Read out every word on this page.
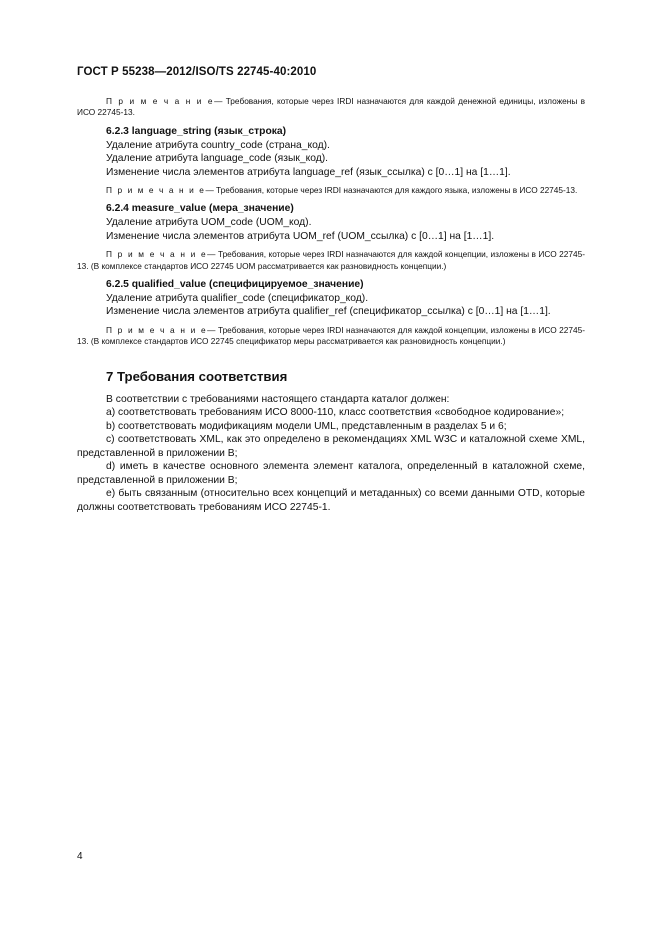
ГОСТ Р 55238—2012/ISO/TS 22745-40:2010

П р и м е ч а н и е— Требования, которые через IRDI назначаются для каждой денежной единицы, изложены в ИСО 22745-13.

6.2.3 language_string (язык_строка)
Удаление атрибута country_code (страна_код).
Удаление атрибута language_code (язык_код).
Изменение числа элементов атрибута language_ref (язык_ссылка) с [0…1] на [1…1].

П р и м е ч а н и е— Требования, которые через IRDI назначаются для каждого языка, изложены в ИСО 22745-13.

6.2.4 measure_value (мера_значение)
Удаление атрибута UOM_code (UOM_код).
Изменение числа элементов атрибута UOM_ref (UOM_ссылка) с [0…1] на [1…1].

П р и м е ч а н и е— Требования, которые через IRDI назначаются для каждой концепции, изложены в ИСО 22745-13. (В комплексе стандартов ИСО 22745 UOM рассматривается как разновидность концепции.)

6.2.5 qualified_value (специфицируемое_значение)
Удаление атрибута qualifier_code (спецификатор_код).
Изменение числа элементов атрибута qualifier_ref (спецификатор_ссылка) с [0…1] на [1…1].

П р и м е ч а н и е— Требования, которые через IRDI назначаются для каждой концепции, изложены в ИСО 22745-13. (В комплексе стандартов ИСО 22745 спецификатор меры рассматривается как разновидность концепции.)

7 Требования соответствия

В соответствии с требованиями настоящего стандарта каталог должен:

a) соответствовать требованиям ИСО 8000-110, класс соответствия «свободное кодирование»;

b) соответствовать модификациям модели UML, представленным в разделах 5 и 6;

c) соответствовать XML, как это определено в рекомендациях XML W3C и каталожной схеме XML, представленной в приложении B;

d) иметь в качестве основного элемента элемент каталога, определенный в каталожной схеме, представленной в приложении B;

e) быть связанным (относительно всех концепций и метаданных) со всеми данными OTD, которые должны соответствовать требованиям ИСО 22745-1.

4
